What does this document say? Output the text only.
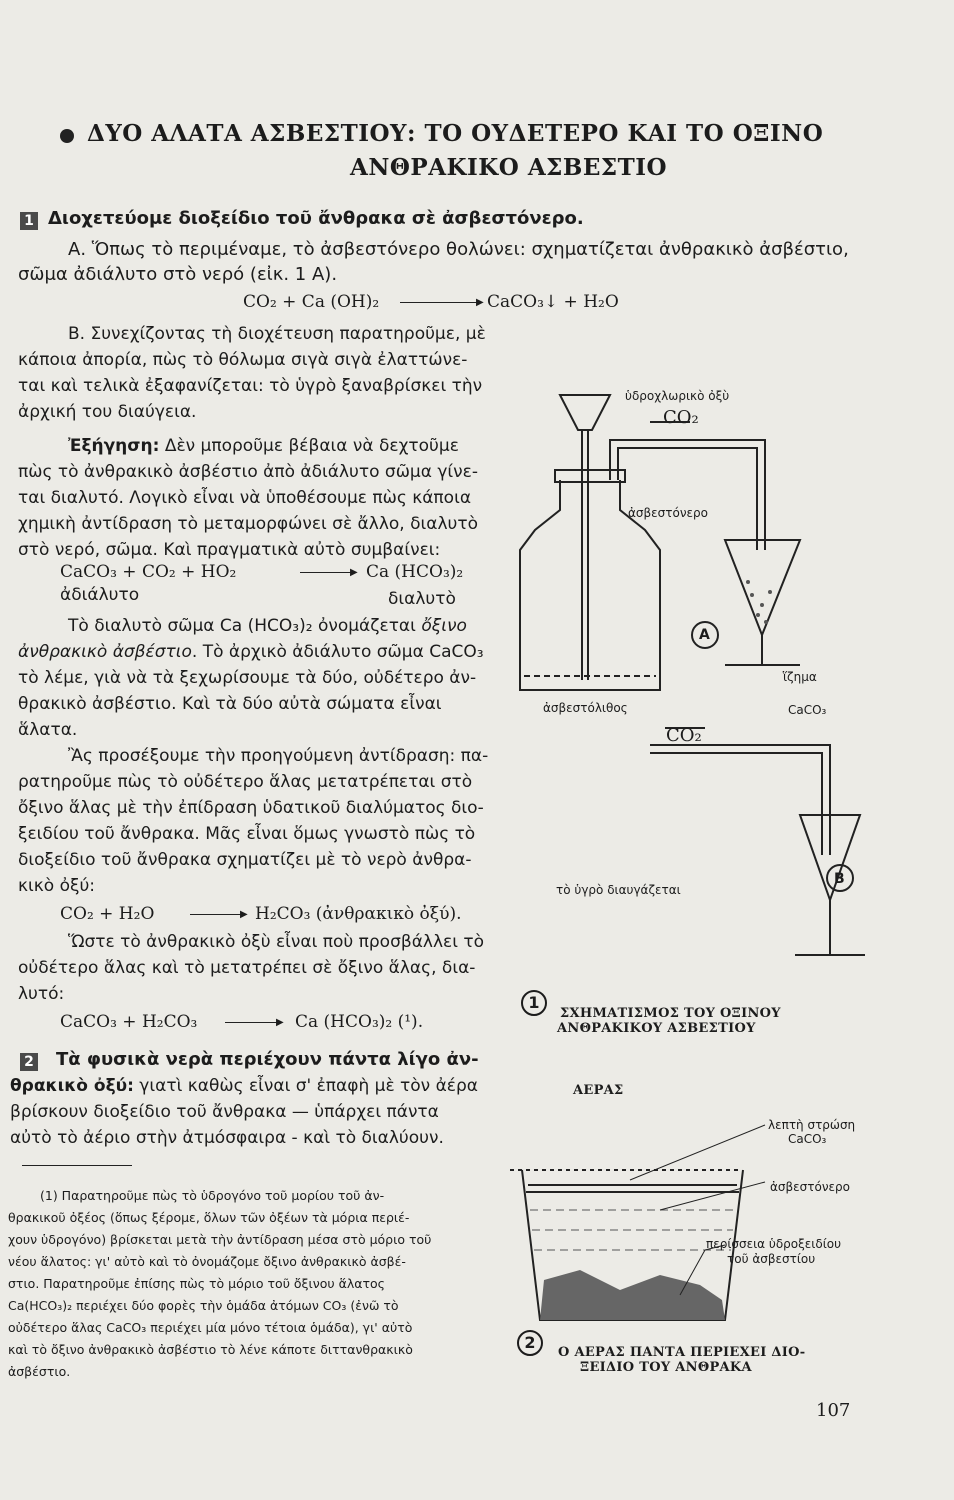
ΔΥΟ ΑΛΑΤΑ ΑΣΒΕΣΤΙΟΥ: ΤΟ ΟΥΔΕΤΕΡΟ ΚΑΙ ΤΟ ΟΞΙΝΟ
ΑΝΘΡΑΚΙΚΟ ΑΣΒΕΣΤΙΟ
1 Διοχετεύομε διοξείδιο τοῦ ἄνθρακα σὲ ἀσβεστόνερο.
Α. Ὅπως τὸ περιμέναμε, τὸ ἀσβεστόνερο θολώνει: σχηματίζεται ἀνθρακικὸ ἀσβέστιο,
σῶμα ἀδιάλυτο στὸ νερό (εἰκ. 1 Α).
CO₂ + Ca (OH)₂	▶ CaCO₃↓ + H₂O
Β. Συνεχίζοντας τὴ διοχέτευση παρατηροῦμε, μὲ
κάποια ἀπορία, πὼς τὸ θόλωμα σιγὰ σιγὰ ἐλαττώνε-
ται καὶ τελικὰ ἐξαφανίζεται: τὸ ὑγρὸ ξαναβρίσκει τὴν
ἀρχική του διαύγεια.
Ἐξήγηση: Δὲν μποροῦμε βέβαια νὰ δεχτοῦμε
πὼς τὸ ἀνθρακικὸ ἀσβέστιο ἀπὸ ἀδιάλυτο σῶμα γίνε-
ται διαλυτό. Λογικὸ εἶναι νὰ ὑποθέσουμε πὼς κάποια
χημικὴ ἀντίδραση τὸ μεταμορφώνει σὲ ἄλλο, διαλυτὸ
στὸ νερό, σῶμα. Καὶ πραγματικὰ αὐτὸ συμβαίνει:
CaCO₃ + CO₂ + HO₂	▶ Ca (HCO₃)₂
ἀδιάλυτο	διαλυτὸ
Τὸ διαλυτὸ σῶμα Ca (HCO₃)₂ ὀνομάζεται ὄξινο
ἀνθρακικὸ ἀσβέστιο. Τὸ ἀρχικὸ ἀδιάλυτο σῶμα CaCO₃
τὸ λέμε, γιὰ νὰ τὰ ξεχωρίσουμε τὰ δύο, οὐδέτερο ἀν-
θρακικὸ ἀσβέστιο. Καὶ τὰ δύο αὐτὰ σώματα εἶναι
ἅλατα.
Ἂς προσέξουμε τὴν προηγούμενη ἀντίδραση: πα-
ρατηροῦμε πὼς τὸ οὐδέτερο ἅλας μετατρέπεται στὸ
ὄξινο ἅλας μὲ τὴν ἐπίδραση ὑδατικοῦ διαλύματος διο-
ξειδίου τοῦ ἄνθρακα. Μᾶς εἶναι ὅμως γνωστὸ πὼς τὸ
διοξείδιο τοῦ ἄνθρακα σχηματίζει μὲ τὸ νερὸ ἀνθρα-
κικὸ ὀξύ:
CO₂ + H₂O	▶ H₂CO₃ (ἀνθρακικὸ ὀξύ).
Ὥστε τὸ ἀνθρακικὸ ὀξὺ εἶναι ποὺ προσβάλλει τὸ
οὐδέτερο ἅλας καὶ τὸ μετατρέπει σὲ ὄξινο ἅλας, δια-
λυτό:
CaCO₃ + H₂CO₃	▶ Ca (HCO₃)₂ (¹).
2 Τὰ φυσικὰ νερὰ περιέχουν πάντα λίγο ἀν-
θρακικὸ ὀξύ: γιατὶ καθὼς εἶναι σ' ἐπαφὴ μὲ τὸν ἀέρα
βρίσκουν διοξείδιο τοῦ ἄνθρακα — ὑπάρχει πάντα
αὐτὸ τὸ ἀέριο στὴν ἀτμόσφαιρα - καὶ τὸ διαλύουν.
(1) Παρατηροῦμε πὼς τὸ ὑδρογόνο τοῦ μορίου τοῦ ἀν-
θρακικοῦ ὀξέος (ὅπως ξέρομε, ὅλων τῶν ὀξέων τὰ μόρια περιέ-
χουν ὑδρογόνο) βρίσκεται μετὰ τὴν ἀντίδραση μέσα στὸ μόριο τοῦ
νέου ἅλατος: γι' αὐτὸ καὶ τὸ ὀνομάζομε ὄξινο ἀνθρακικὸ ἀσβέ-
στιο. Παρατηροῦμε ἐπίσης πὼς τὸ μόριο τοῦ ὄξινου ἅλατος
Ca(HCO₃)₂ περιέχει δύο φορὲς τὴν ὁμάδα ἀτόμων CO₃ (ἐνῶ τὸ
οὐδέτερο ἅλας CaCO₃ περιέχει μία μόνο τέτοια ὁμάδα), γι' αὐτὸ
καὶ τὸ ὄξινο ἀνθρακικὸ ἀσβέστιο τὸ λένε κάποτε διττανθρακικὸ
ἀσβέστιο.
ὑδροχλωρικὸ ὀξὺ
CO₂
ἀσβεστόνερο
A
ἵζημα
CaCO₃
ἀσβεστόλιθος
CO₂
τὸ ὑγρὸ διαυγάζεται
B
1
ΣΧΗΜΑΤΙΣΜΟΣ ΤΟΥ ΟΞΙΝΟΥ
ΑΝΘΡΑΚΙΚΟΥ ΑΣΒΕΣΤΙΟΥ
ΑΕΡΑΣ
λεπτὴ στρώση
CaCO₃
ἀσβεστόνερο
περίσσεια ὑδροξειδίου
τοῦ ἀσβεστίου
2
Ο ΑΕΡΑΣ ΠΑΝΤΑ ΠΕΡΙΕΧΕΙ ΔΙΟ-
ΞΕΙΔΙΟ ΤΟΥ ΑΝΘΡΑΚΑ
107
